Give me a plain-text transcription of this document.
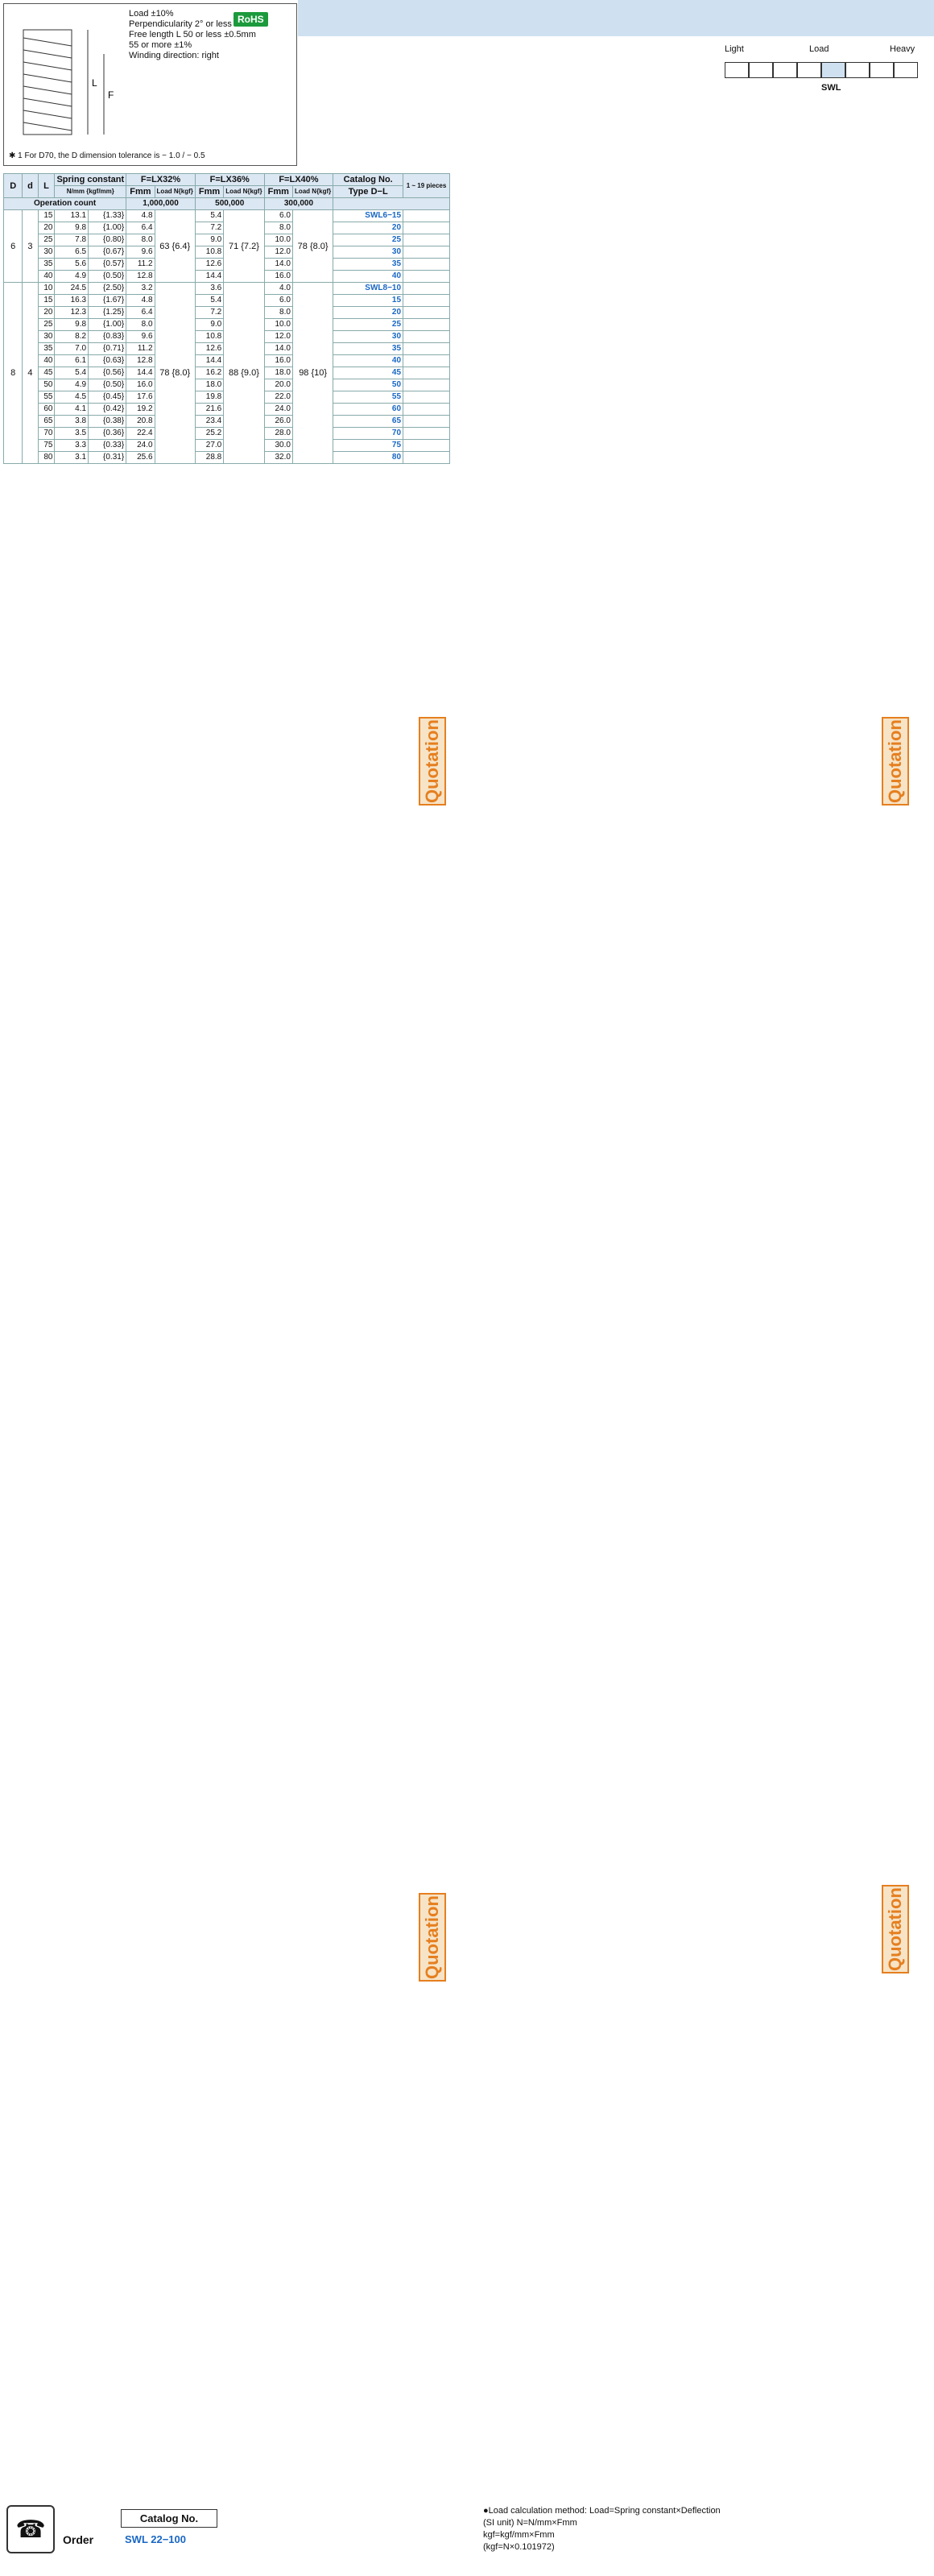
L
F
Load ±10%
Perpendicularity 2° or less
Free length L 50 or less ±0.5mm
55 or more ±1%
Winding direction: right
RoHS
✱ 1 For D70, the D dimension tolerance is − 1.0 / − 0.5
Light	Load	Heavy
SWL
D	d	L	Spring constant		F=LX32%		F=LX36%		F=LX40%		Catalog No.	1 ~ 19 pieces
			N/mm {kgf/mm}		Fmm	Load N{kgf}	Fmm	Load N{kgf}	Fmm	Load N{kgf}	Type D−L	
Operation count					1,000,000		500,000		300,000			
6	3	15	13.1	{1.33}	4.8	63 {6.4}	5.4	71 {7.2}	6.0	78 {8.0}	SWL6−15	
		20	9.8	{1.00}	6.4		7.2		8.0		20	
		25	7.8	{0.80}	8.0		9.0		10.0		25	
		30	6.5	{0.67}	9.6		10.8		12.0		30	
		35	5.6	{0.57}	11.2		12.6		14.0		35	
		40	4.9	{0.50}	12.8		14.4		16.0		40	
8	4	10	24.5	{2.50}	3.2	78 {8.0}	3.6	88 {9.0}	4.0	98 {10}	SWL8−10	
		15	16.3	{1.67}	4.8		5.4		6.0		15	
		20	12.3	{1.25}	6.4		7.2		8.0		20	
		25	9.8	{1.00}	8.0		9.0		10.0		25	
		30	8.2	{0.83}	9.6		10.8		12.0		30	
		35	7.0	{0.71}	11.2		12.6		14.0		35	
		40	6.1	{0.63}	12.8		14.4		16.0		40	
		45	5.4	{0.56}	14.4		16.2		18.0		45	
		50	4.9	{0.50}	16.0		18.0		20.0		50	
		55	4.5	{0.45}	17.6		19.8		22.0		55	
		60	4.1	{0.42}	19.2		21.6		24.0		60	
		65	3.8	{0.38}	20.8		23.4		26.0		65	
		70	3.5	{0.36}	22.4		25.2		28.0		70	
		75	3.3	{0.33}	24.0		27.0		30.0		75	
		80	3.1	{0.31}	25.6		28.8		32.0		80	
Quotation	Quotation
Quotation	Quotation
☎	Order
Catalog No.
SWL 22−100
●Load calculation method: Load=Spring constant×Deflection
(SI unit) N=N/mm×Fmm
kgf=kgf/mm×Fmm
(kgf=N×0.101972)
